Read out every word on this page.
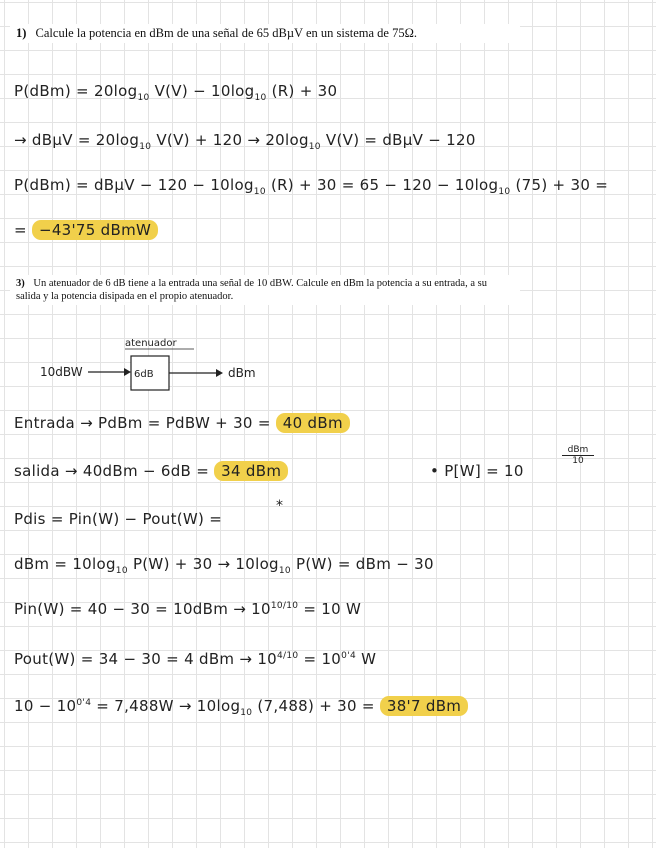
1) Calcule la potencia en dBm de una señal de 65 dBµV en un sistema de 75Ω.
$P(dBm) = 20\log_{10}$ $V(V) - 10\log_{10}$ (R) + 30
→ $dB\mu V = 20\log_{10}$ $V(V) + 120 \to 20\log_{10}$ V(V) = dBµV − 120
$P(dBm) = dB\mu V - 120 - 10\log_{10}$ $(R) + 30 = 65 - 120 - 10\log_{10}$ (75) + 30 =
= −43'75 dBmW
3) Un atenuador de 6 dB tiene a la entrada una señal de 10 dBW. Calcule en dBm la potencia a su entrada, a su salida y la potencia disipada en el propio atenuador.
atenuador
10dBW	6dB	dBm
Entrada → PdBm = PdBW + 30 = 40 dBm
salida → 40dBm − 6dB = 34 dBm	• P[W] = 10
dBm
10
Pdis = Pin(W) − Pout(W) =
*
dBm = $10\log_{10}$ $P(W) + 30 \to 10\log_{10}$ P(W) = dBm − 30
$Pin(W) = 40 - 30 = 10dBm \to 10^{10/10} = 10$ W
Pout(W) = 34 − 30 = 4 dBm → $10^{4/10} = 10^{0'4}$ W
$10 - 10^{0'4} = 7,488W \to 10\log_{10}$ (7,488) + 30 = 38'7 dBm
